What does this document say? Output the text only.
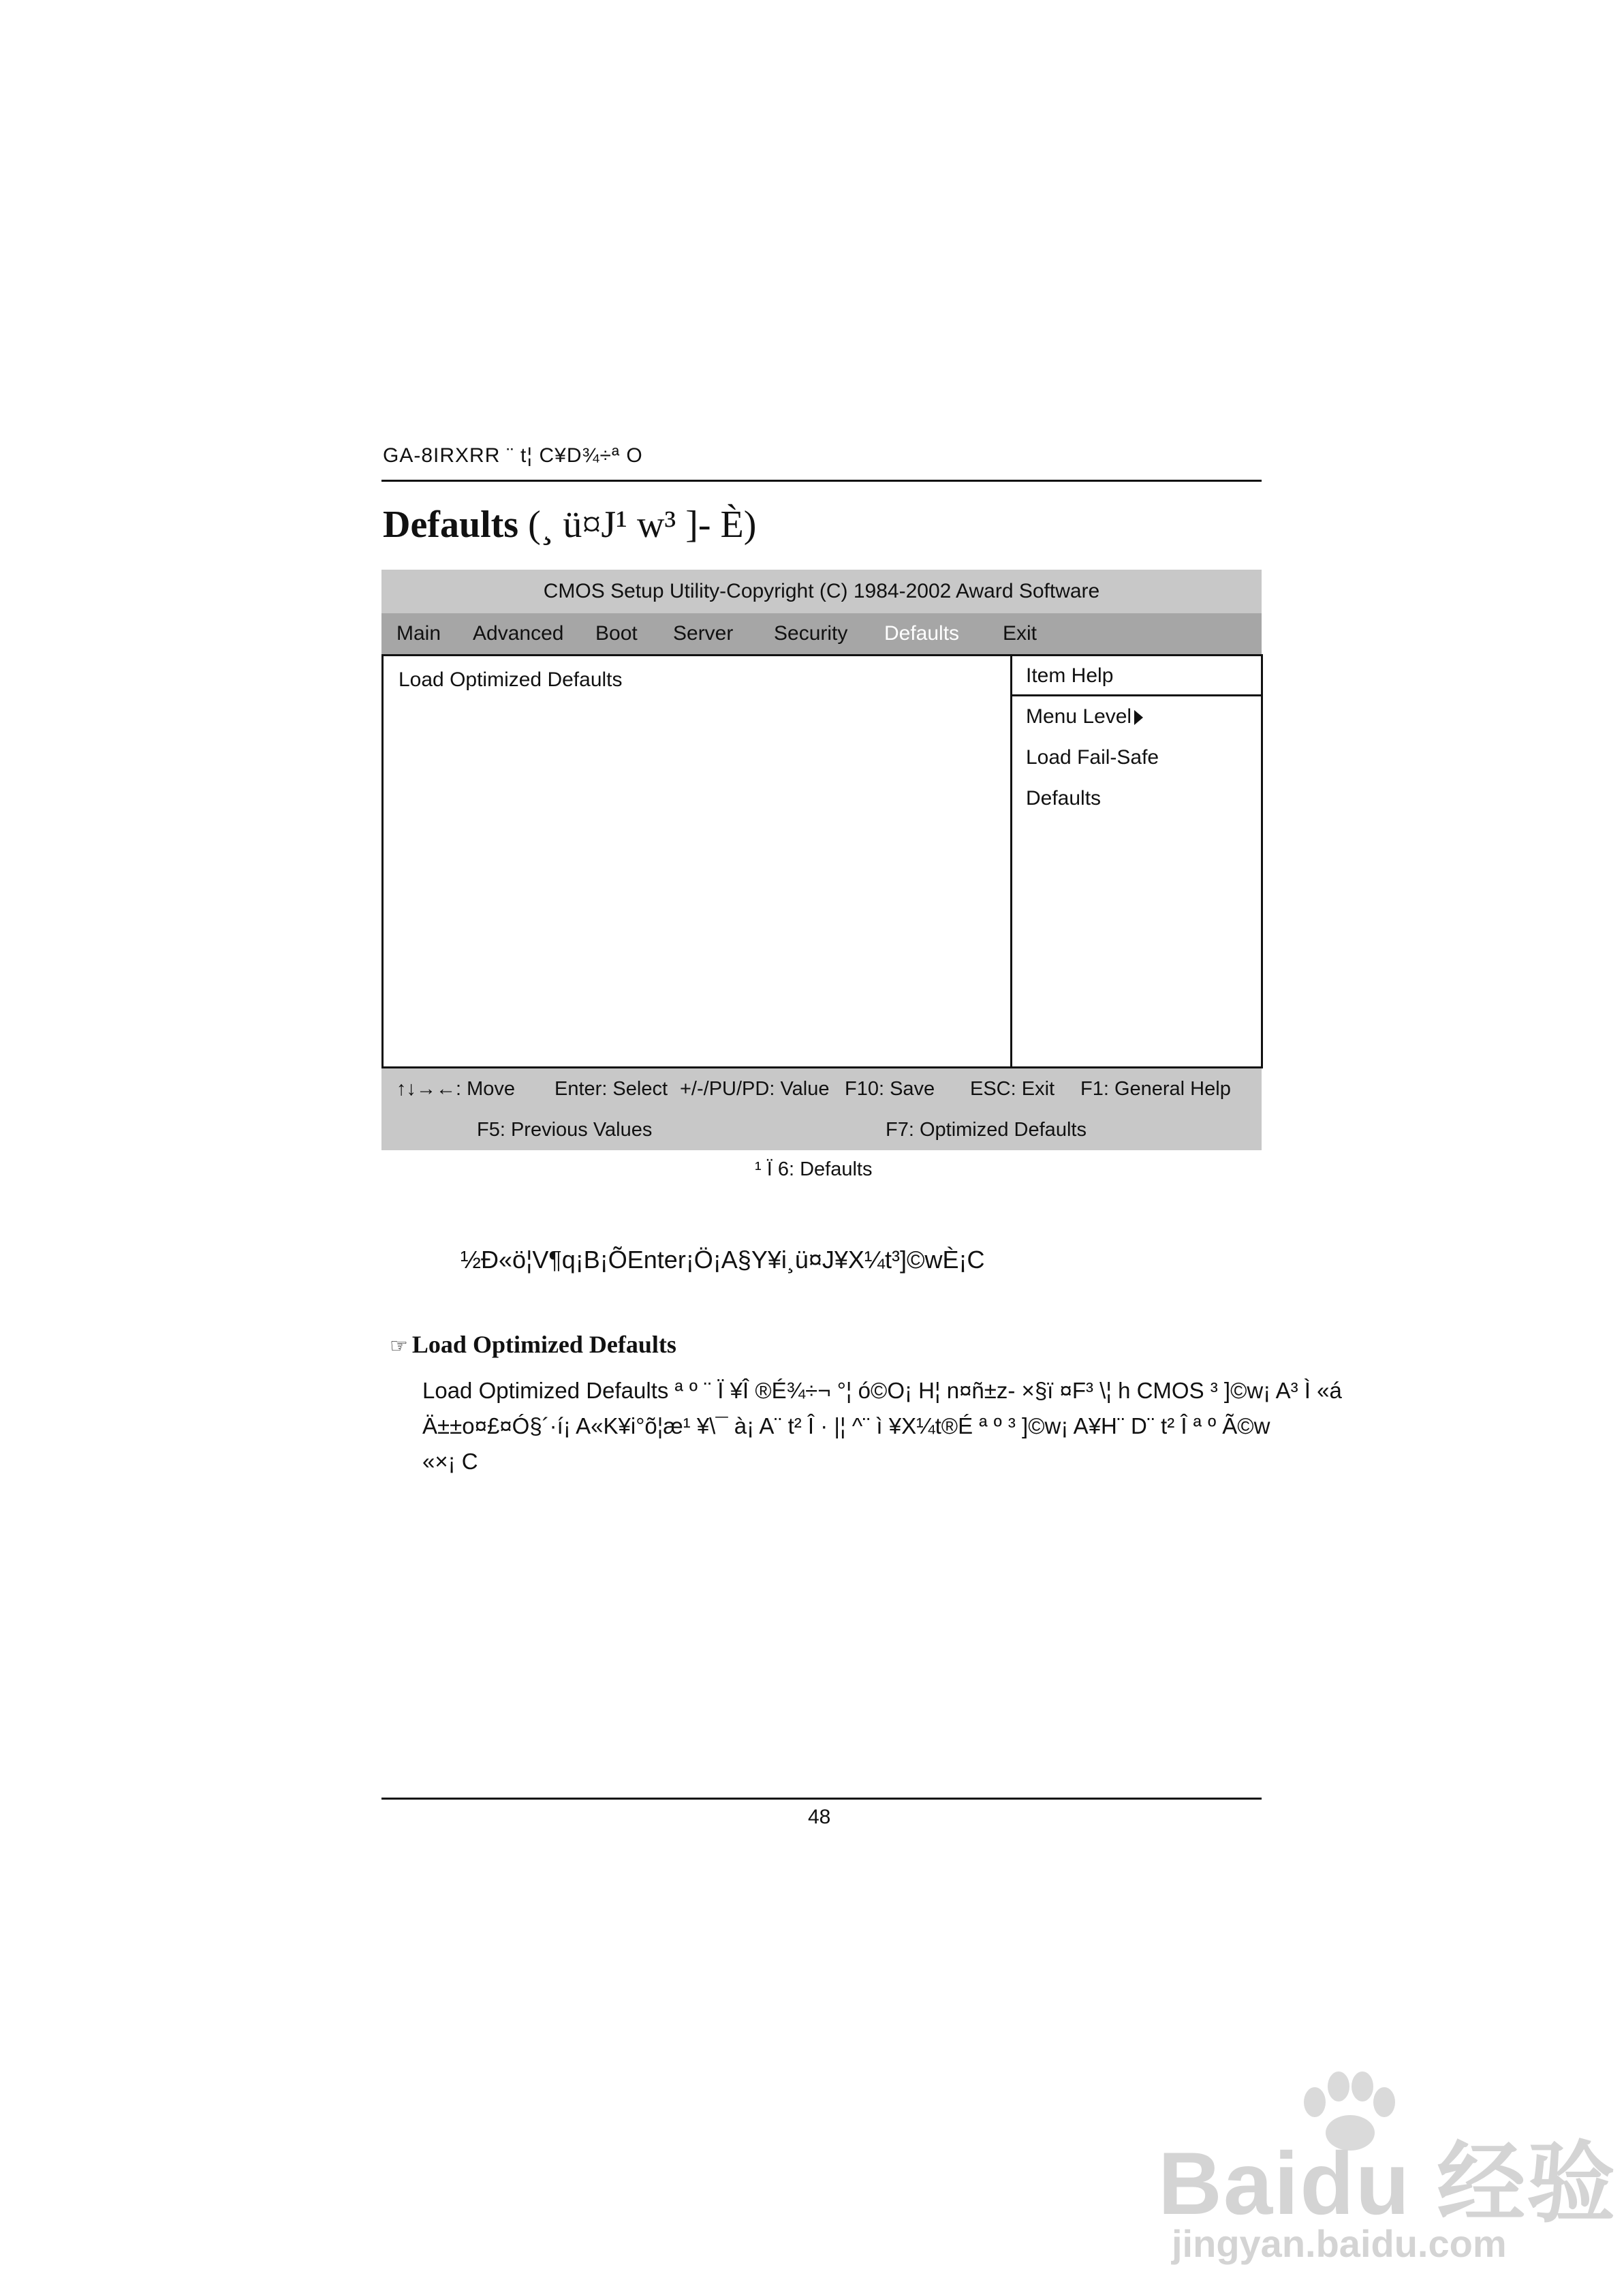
GA-8IRXRR ¨ t¦ C¥D¾÷ª O
Defaults (¸ ü¤J¹ w³ ]- È)
CMOS Setup Utility-Copyright (C) 1984-2002 Award Software
Main Advanced Boot Server Security Defaults Exit
Load Optimized Defaults	Item Help
Menu Level
Load Fail-Safe
Defaults
↑↓→←: Move Enter: Select +/-/PU/PD: Value F10: Save ESC: Exit F1: General Help
F5: Previous Values	F7: Optimized Defaults
¹ Ï 6: Defaults
½Ð«ö¦V¶q¡B¡ÕEnter¡Ö¡A§Y¥i¸ü¤J¥X¼t³]©wÈ¡C
☞ Load Optimized Defaults
Load Optimized Defaults ª º ¨ Ï ¥Î ®É¾÷¬ °¦ ó©O¡ H¦ n¤ñ±z- ×§ï ¤F³ \¦ h CMOS ³ ]©w¡ A³ Ì «á
Ä±±o¤£¤Ó§´·í¡ A«K¥i°õ¦æ¹ ¥\¯ à¡ A¨ t² Î · |¦ ^¨ ì ¥X¼t®É ª º ³ ]©w¡ A¥H¨ D¨ t² Î ª º Ã©w
«×¡ C
48
Baidu 经验
jingyan.baidu.com
